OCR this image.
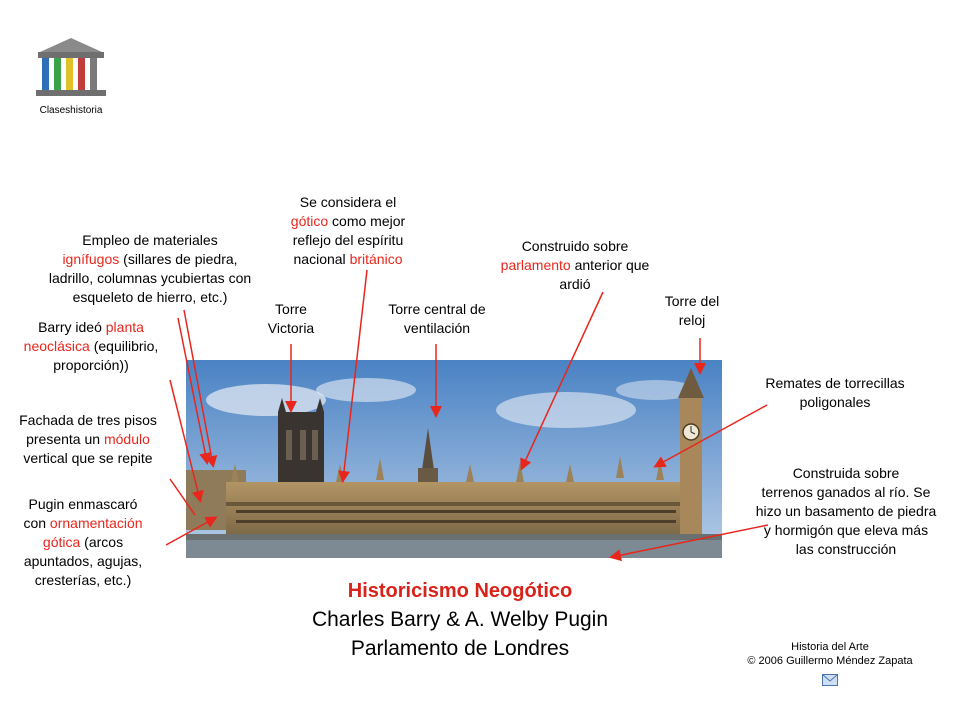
Claseshistoria
Empleo de materiales
ignífugos (sillares de piedra,
ladrillo, columnas ycubiertas con
esqueleto de hierro, etc.)
Se considera el
gótico como mejor
reflejo del espíritu
nacional británico
Construido sobre
parlamento anterior que
ardió
Torre
Victoria
Torre central de
ventilación
Torre del
reloj
Barry ideó planta
neoclásica (equilibrio,
proporción))
Fachada de tres pisos
presenta un módulo
vertical que se repite
Pugin enmascaró
con ornamentación
gótica (arcos
apuntados, agujas,
cresterías, etc.)
Remates de torrecillas
poligonales
Construida sobre
terrenos ganados al río. Se
hizo un basamento de piedra
y hormigón que eleva más
las construcción
Historicismo Neogótico
Charles Barry & A. Welby Pugin
Parlamento de Londres	Historia del Arte
© 2006 Guillermo Méndez Zapata
